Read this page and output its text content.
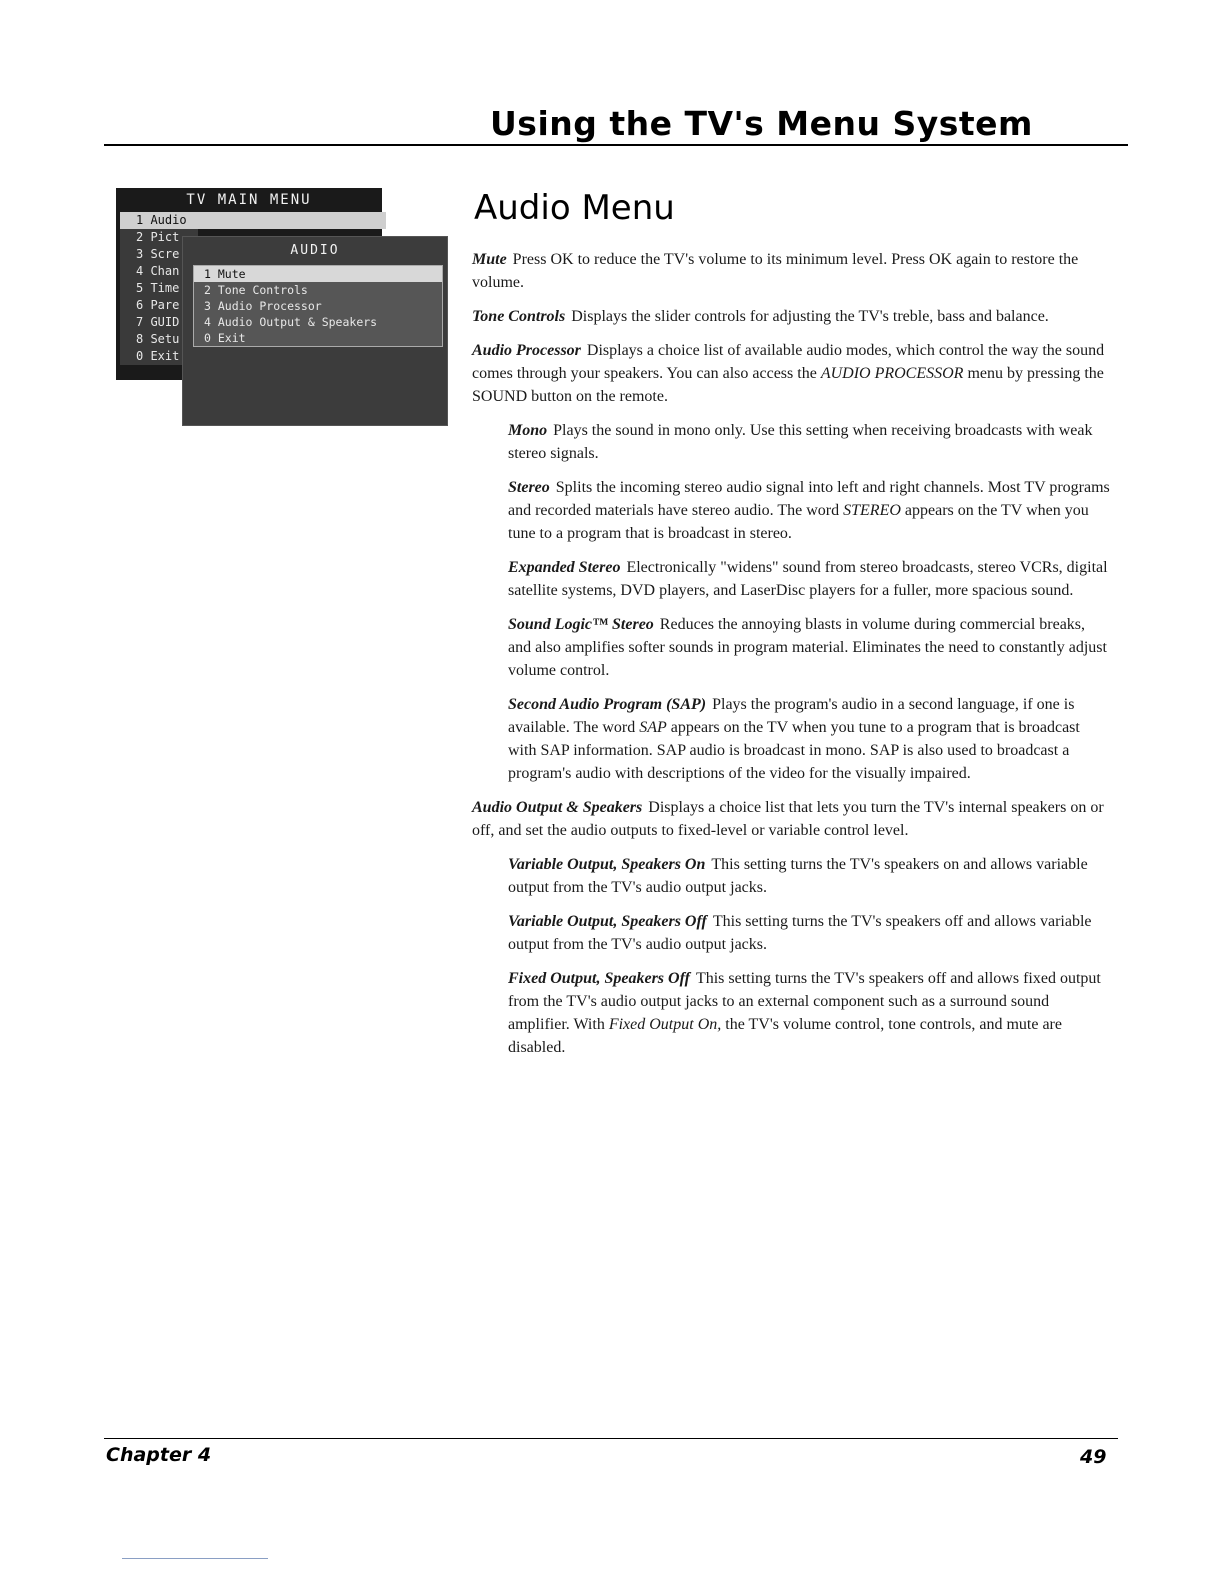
Using the TV's Menu System
TV MAIN MENU
1 Audio
2 Pict
3 Scre
4 Chan
5 Time
6 Pare
7 GUID
8 Setu
0 Exit
AUDIO
1 Mute
2 Tone Controls
3 Audio Processor
4 Audio Output & Speakers
0 Exit
Audio Menu

Mute Press OK to reduce the TV's volume to its minimum level. Press OK again to restore the volume.

Tone Controls Displays the slider controls for adjusting the TV's treble, bass and balance.

Audio Processor Displays a choice list of available audio modes, which control the way the sound comes through your speakers. You can also access the AUDIO PROCESSOR menu by pressing the SOUND button on the remote.

Mono Plays the sound in mono only. Use this setting when receiving broadcasts with weak stereo signals.

Stereo Splits the incoming stereo audio signal into left and right channels. Most TV programs and recorded materials have stereo audio. The word STEREO appears on the TV when you tune to a program that is broadcast in stereo.

Expanded Stereo Electronically "widens" sound from stereo broadcasts, stereo VCRs, digital satellite systems, DVD players, and LaserDisc players for a fuller, more spacious sound.

Sound Logic™ Stereo Reduces the annoying blasts in volume during commercial breaks, and also amplifies softer sounds in program material. Eliminates the need to constantly adjust volume control.

Second Audio Program (SAP) Plays the program's audio in a second language, if one is available. The word SAP appears on the TV when you tune to a program that is broadcast with SAP information. SAP audio is broadcast in mono. SAP is also used to broadcast a program's audio with descriptions of the video for the visually impaired.

Audio Output & Speakers Displays a choice list that lets you turn the TV's internal speakers on or off, and set the audio outputs to fixed-level or variable control level.

Variable Output, Speakers On This setting turns the TV's speakers on and allows variable output from the TV's audio output jacks.

Variable Output, Speakers Off This setting turns the TV's speakers off and allows variable output from the TV's audio output jacks.

Fixed Output, Speakers Off This setting turns the TV's speakers off and allows fixed output from the TV's audio output jacks to an external component such as a surround sound amplifier. With Fixed Output On, the TV's volume control, tone controls, and mute are disabled.

Chapter 4	49
